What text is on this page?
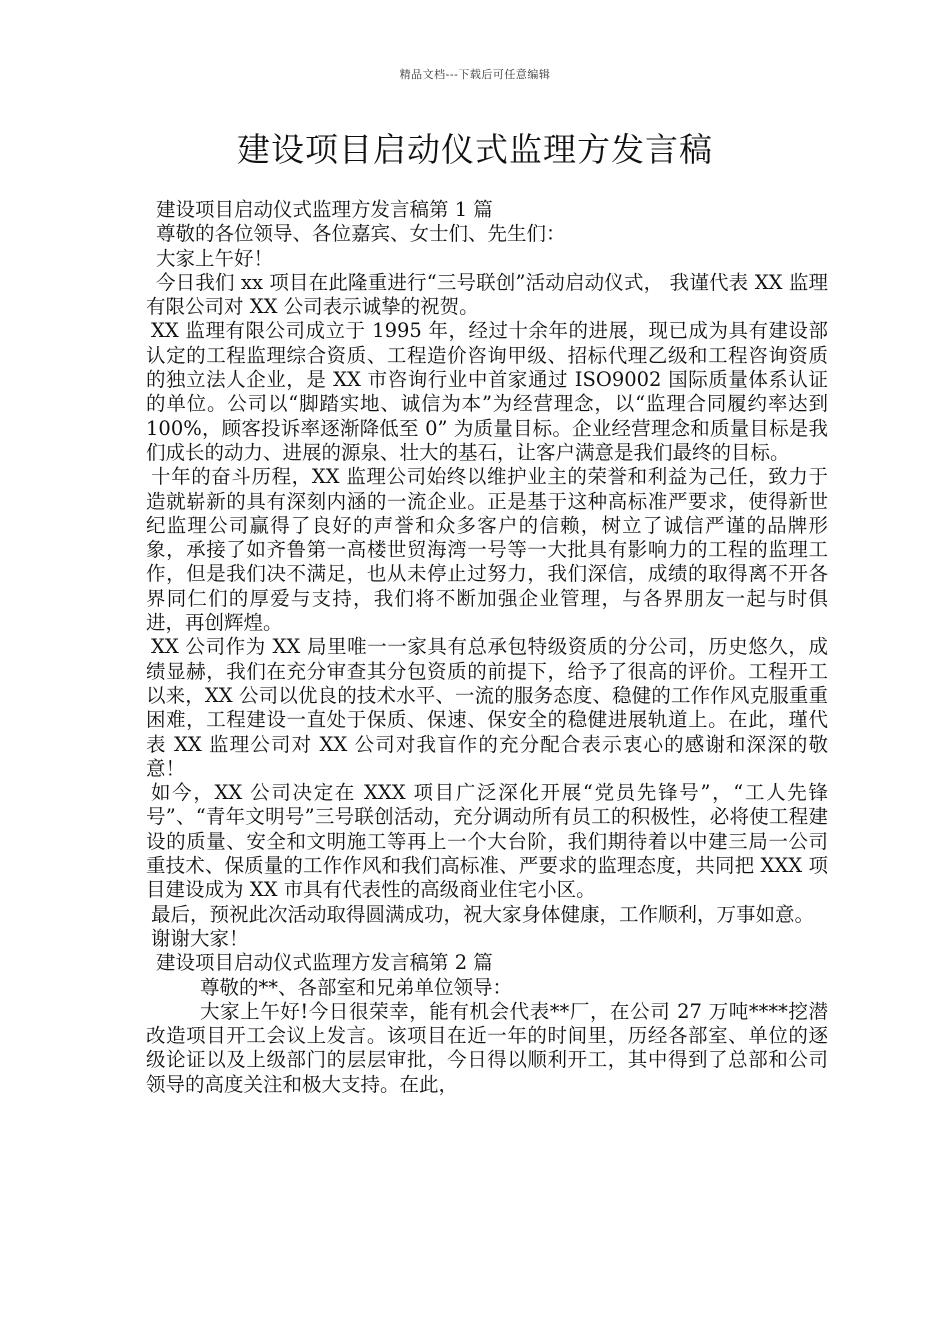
精品文档---下载后可任意编辑
建设项目启动仪式监理方发言稿

建设项目启动仪式监理方发言稿第 1 篇

尊敬的各位领导、各位嘉宾、女士们、先生们：

大家上午好！

今日我们 xx 项目在此隆重进行“三号联创”活动启动仪式， 我谨代表 XX 监理有限公司对 XX 公司表示诚挚的祝贺。

XX 监理有限公司成立于 1995 年，经过十余年的进展，现已成为具有建设部认定的工程监理综合资质、工程造价咨询甲级、招标代理乙级和工程咨询资质的独立法人企业，是 XX 市咨询行业中首家通过 ISO9002 国际质量体系认证的单位。公司以“脚踏实地、诚信为本”为经营理念，以“监理合同履约率达到 100%，顾客投诉率逐渐降低至 0” 为质量目标。企业经营理念和质量目标是我们成长的动力、进展的源泉、壮大的基石，让客户满意是我们最终的目标。

十年的奋斗历程，XX 监理公司始终以维护业主的荣誉和利益为己任，致力于造就崭新的具有深刻内涵的一流企业。正是基于这种高标准严要求，使得新世纪监理公司赢得了良好的声誉和众多客户的信赖，树立了诚信严谨的品牌形象，承接了如齐鲁第一高楼世贸海湾一号等一大批具有影响力的工程的监理工作，但是我们决不满足，也从未停止过努力，我们深信，成绩的取得离不开各界同仁们的厚爱与支持，我们将不断加强企业管理，与各界朋友一起与时俱进，再创辉煌。

XX 公司作为 XX 局里唯一一家具有总承包特级资质的分公司，历史悠久，成绩显赫，我们在充分审查其分包资质的前提下，给予了很高的评价。工程开工以来，XX 公司以优良的技术水平、一流的服务态度、稳健的工作作风克服重重困难，工程建设一直处于保质、保速、保安全的稳健进展轨道上。在此，瑾代表 XX 监理公司对 XX 公司对我盲作的充分配合表示衷心的感谢和深深的敬意！

如今，XX 公司决定在 XXX 项目广泛深化开展“党员先锋号”，“工人先锋号”、“青年文明号”三号联创活动，充分调动所有员工的积极性，必将使工程建设的质量、安全和文明施工等再上一个大台阶，我们期待着以中建三局一公司重技术、保质量的工作作风和我们高标准、严要求的监理态度，共同把 XXX 项目建设成为 XX 市具有代表性的高级商业住宅小区。

最后，预祝此次活动取得圆满成功，祝大家身体健康，工作顺利，万事如意。

谢谢大家！

建设项目启动仪式监理方发言稿第 2 篇

尊敬的**、各部室和兄弟单位领导：

大家上午好!今日很荣幸，能有机会代表**厂，在公司 27 万吨****挖潜改造项目开工会议上发言。该项目在近一年的时间里，历经各部室、单位的逐级论证以及上级部门的层层审批，今日得以顺利开工，其中得到了总部和公司领导的高度关注和极大支持。在此，
